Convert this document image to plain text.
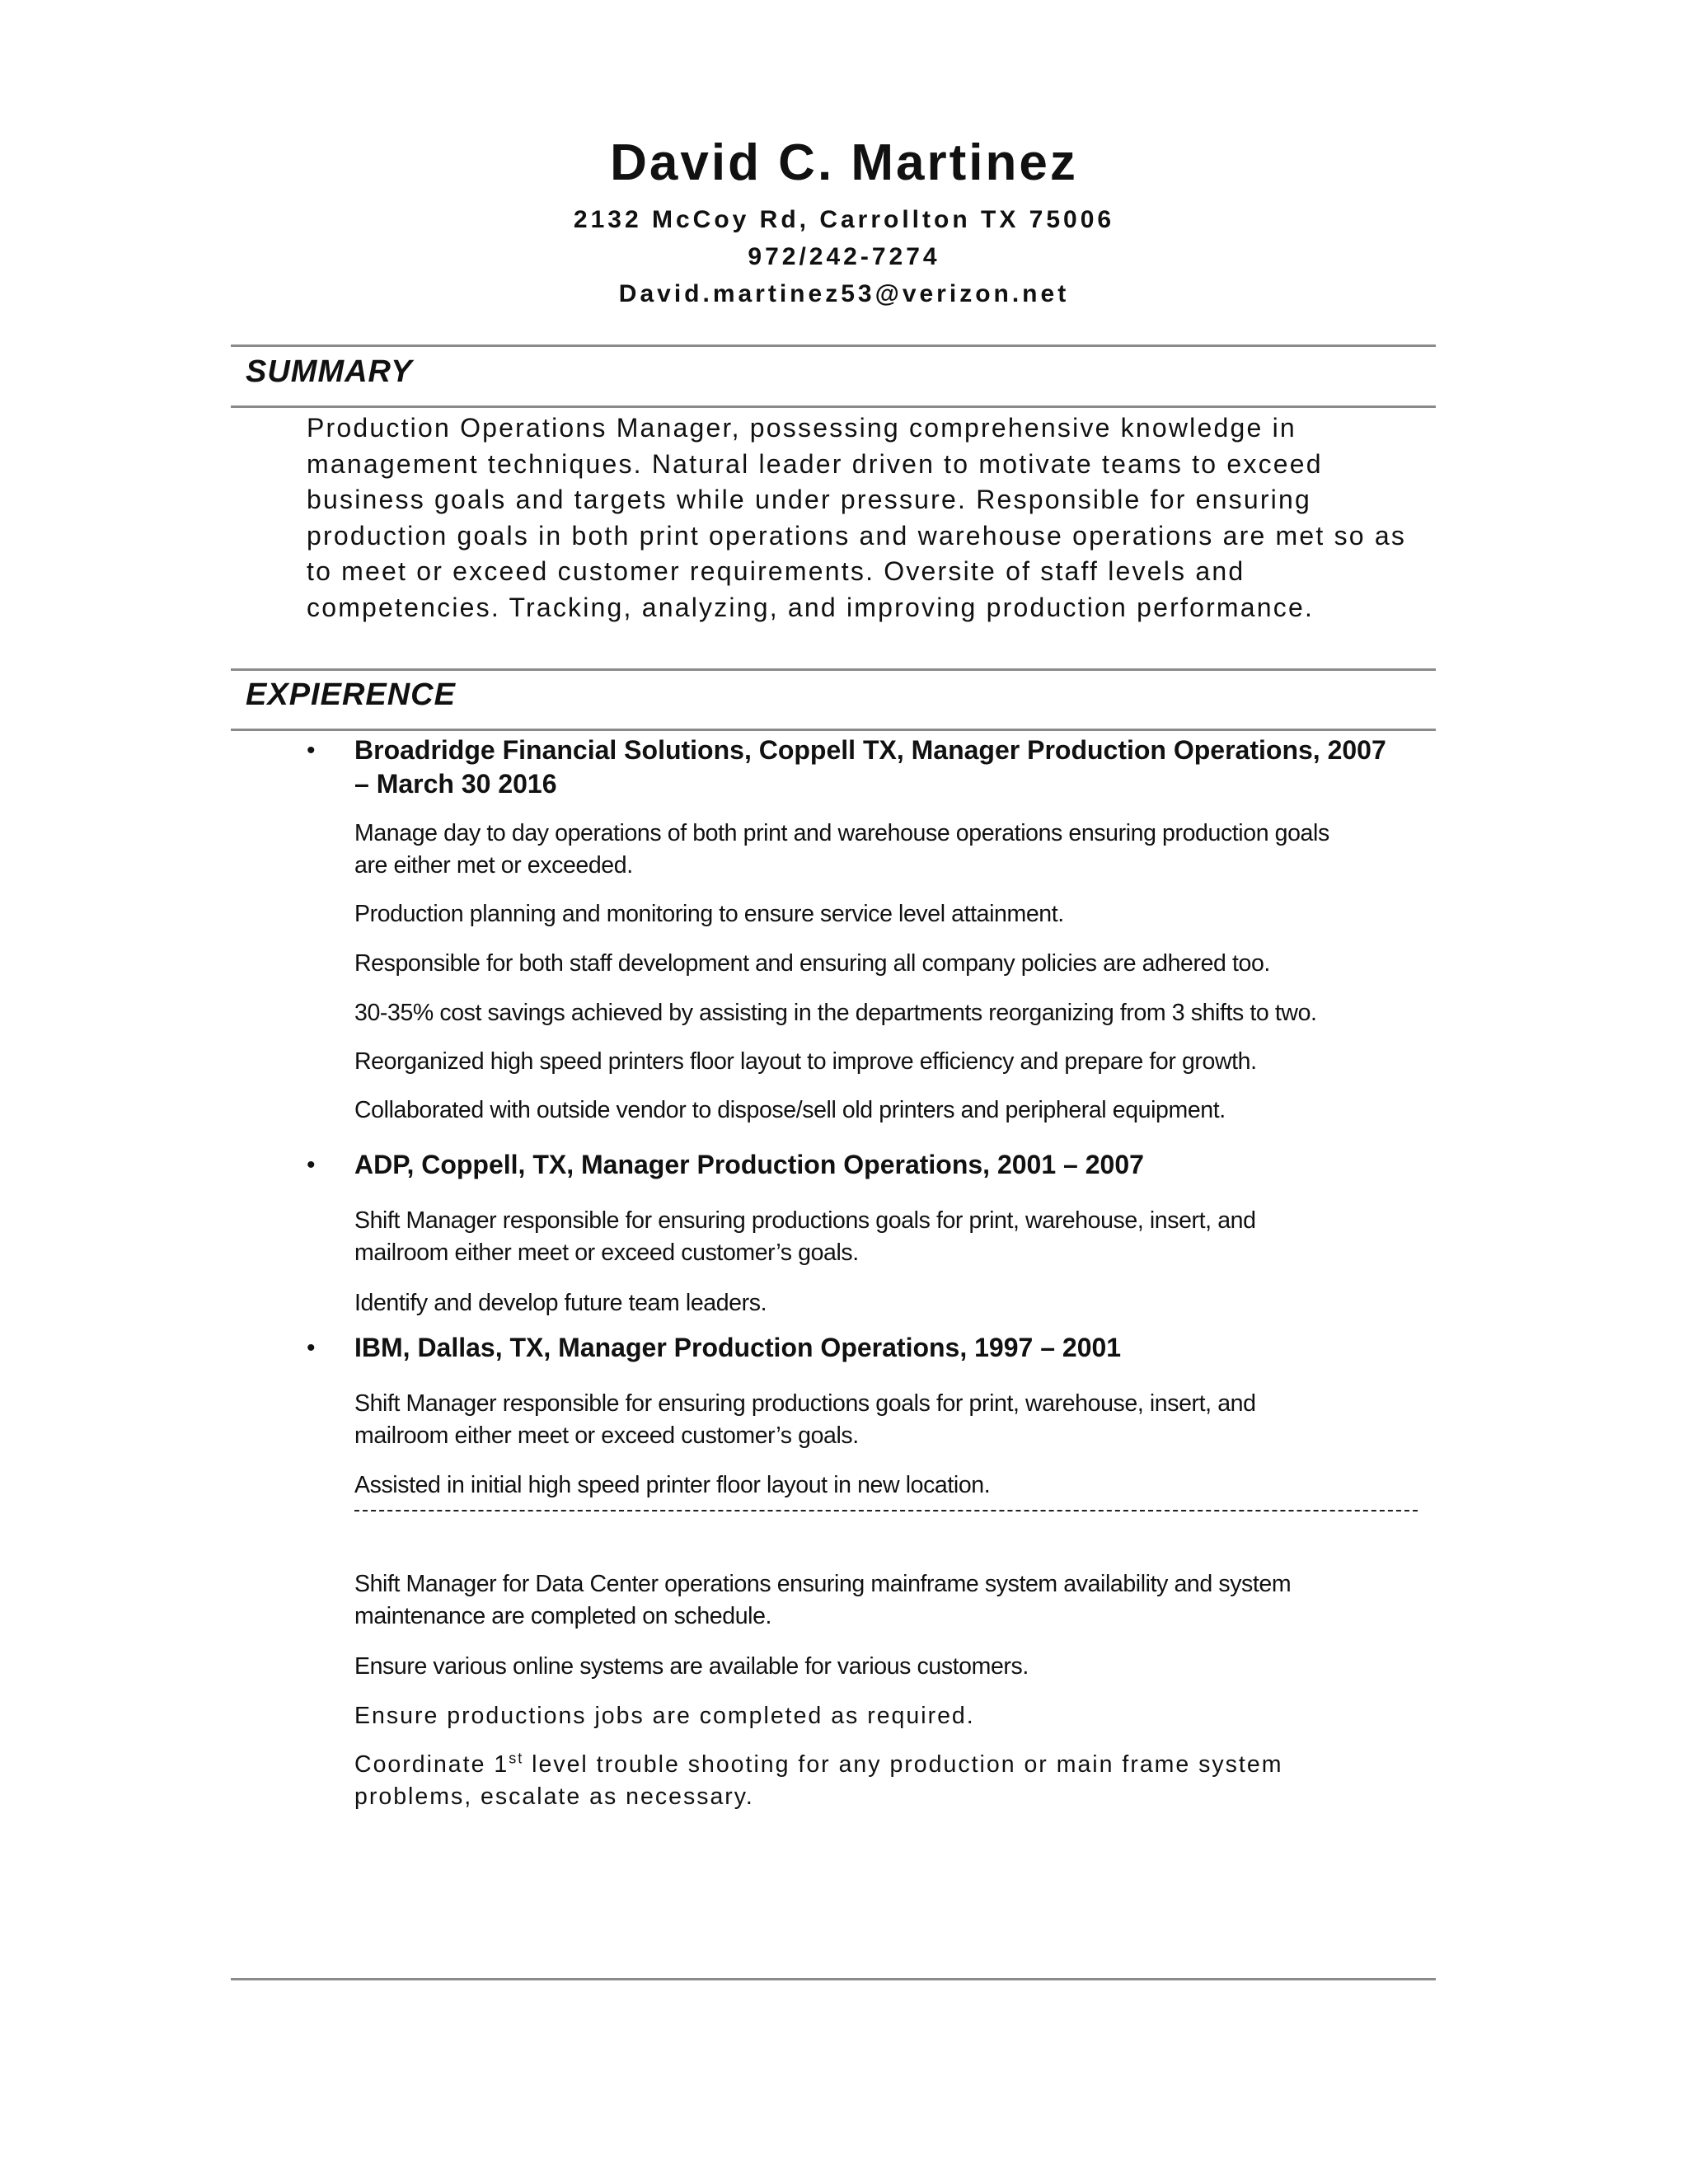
David C. Martinez
2132 McCoy Rd, Carrollton TX 75006
972/242-7274
David.martinez53@verizon.net
SUMMARY
Production Operations Manager, possessing comprehensive knowledge in
management techniques. Natural leader driven to motivate teams to exceed
business goals and targets while under pressure. Responsible for ensuring
production goals in both print operations and warehouse operations are met so as
to meet or exceed customer requirements. Oversite of staff levels and
competencies. Tracking, analyzing, and improving production performance.
EXPIERENCE
• Broadridge Financial Solutions, Coppell TX, Manager Production Operations, 2007
– March 30 2016
Manage day to day operations of both print and warehouse operations ensuring production goals
are either met or exceeded.
Production planning and monitoring to ensure service level attainment.
Responsible for both staff development and ensuring all company policies are adhered too.
30-35% cost savings achieved by assisting in the departments reorganizing from 3 shifts to two.
Reorganized high speed printers floor layout to improve efficiency and prepare for growth.
Collaborated with outside vendor to dispose/sell old printers and peripheral equipment.
• ADP, Coppell, TX, Manager Production Operations, 2001 – 2007
Shift Manager responsible for ensuring productions goals for print, warehouse, insert, and
mailroom either meet or exceed customer’s goals.
Identify and develop future team leaders.
• IBM, Dallas, TX, Manager Production Operations, 1997 – 2001
Shift Manager responsible for ensuring productions goals for print, warehouse, insert, and
mailroom either meet or exceed customer’s goals.
Assisted in initial high speed printer floor layout in new location.
Shift Manager for Data Center operations ensuring mainframe system availability and system
maintenance are completed on schedule.
Ensure various online systems are available for various customers.
Ensure productions jobs are completed as required.
Coordinate 1st level trouble shooting for any production or main frame system
problems, escalate as necessary.
